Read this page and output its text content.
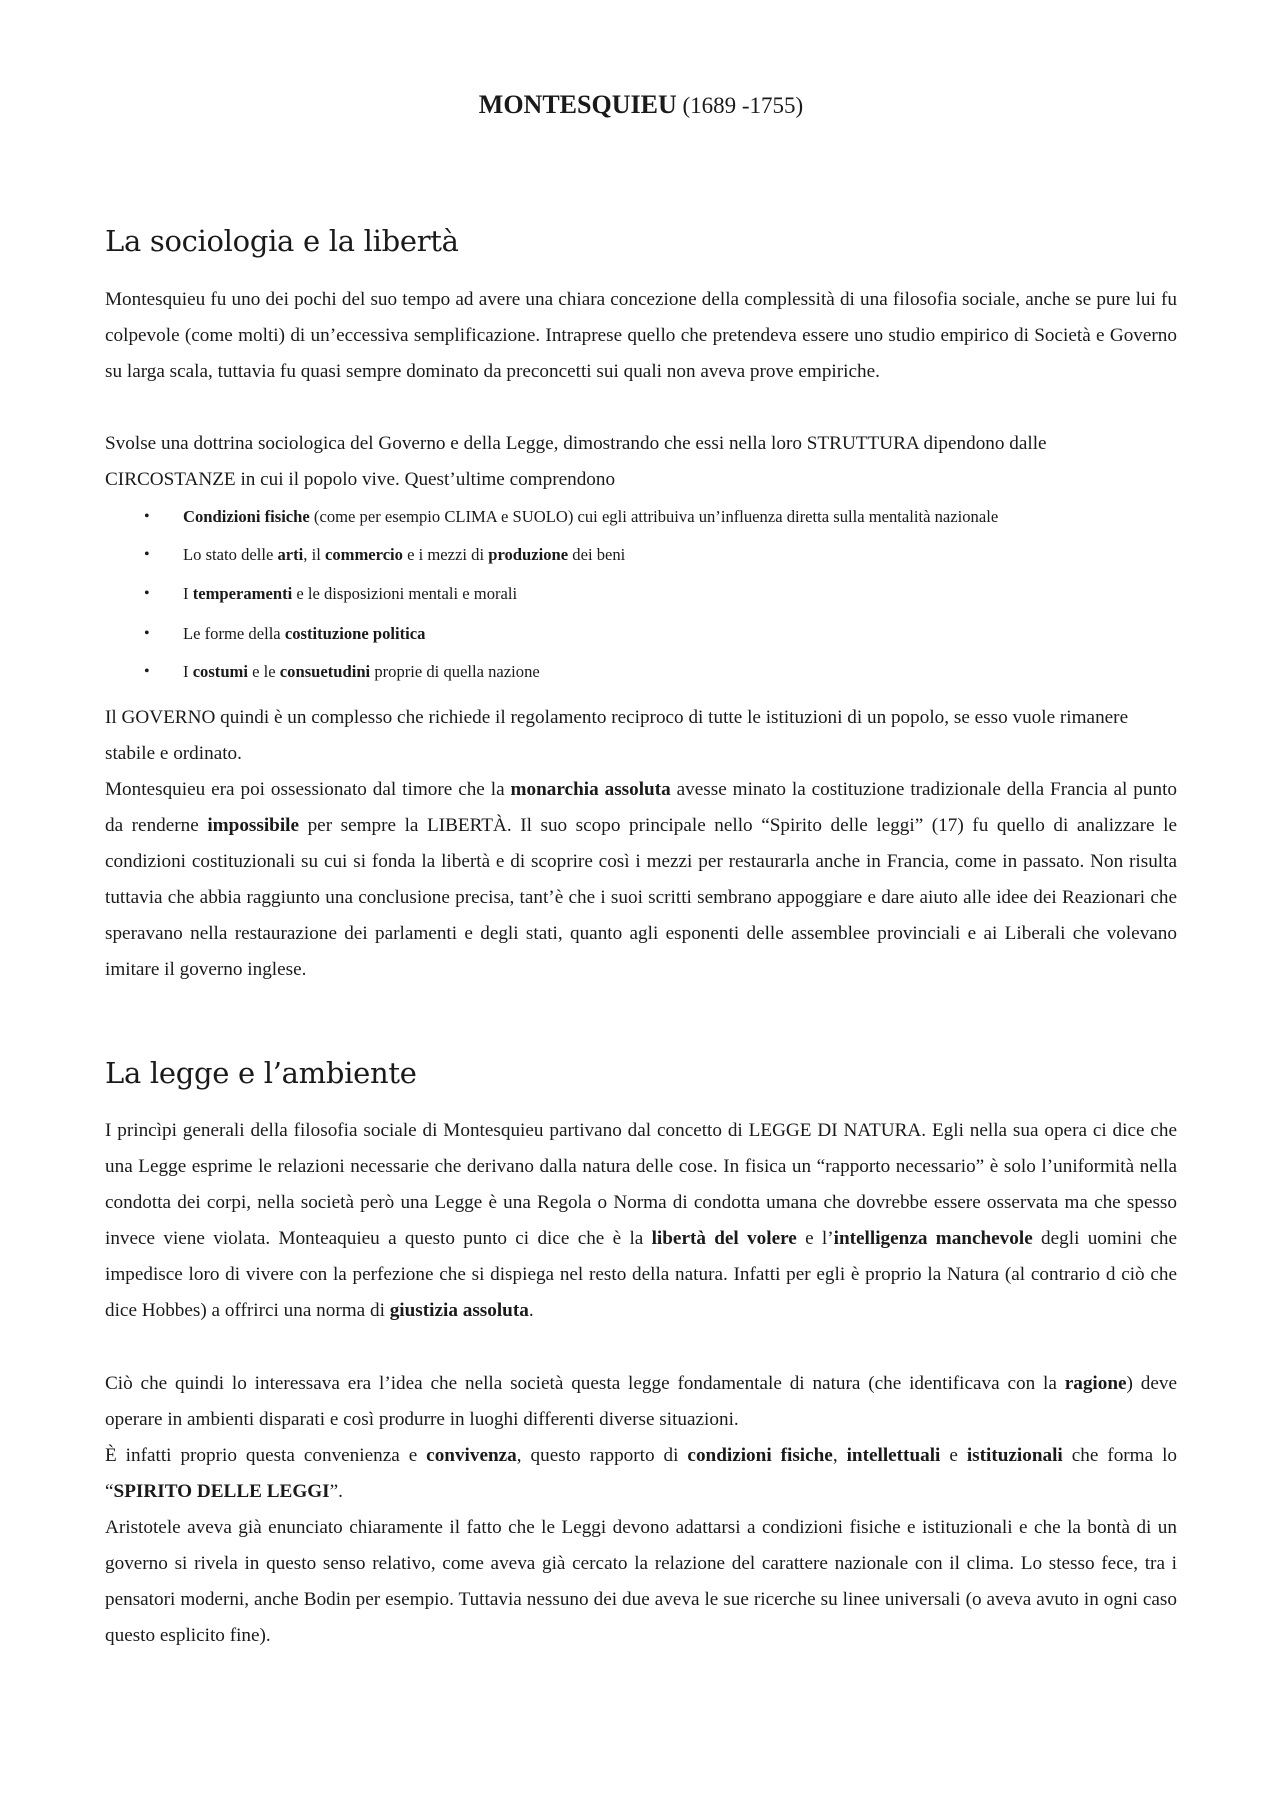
MONTESQUIEU (1689 -1755)
La sociologia e la libertà

Montesquieu fu uno dei pochi del suo tempo ad avere una chiara concezione della complessità di una filosofia sociale, anche se pure lui fu colpevole (come molti) di un’eccessiva semplificazione. Intraprese quello che pretendeva essere uno studio empirico di Società e Governo su larga scala, tuttavia fu quasi sempre dominato da preconcetti sui quali non aveva prove empiriche.

Svolse una dottrina sociologica del Governo e della Legge, dimostrando che essi nella loro STRUTTURA dipendono dalle CIRCOSTANZE in cui il popolo vive. Quest’ultime comprendono

• Condizioni fisiche (come per esempio CLIMA e SUOLO) cui egli attribuiva un’influenza diretta sulla mentalità nazionale
• Lo stato delle arti, il commercio e i mezzi di produzione dei beni
• I temperamenti e le disposizioni mentali e morali
• Le forme della costituzione politica
• I costumi e le consuetudini proprie di quella nazione

Il GOVERNO quindi è un complesso che richiede il regolamento reciproco di tutte le istituzioni di un popolo, se esso vuole rimanere stabile e ordinato.

Montesquieu era poi ossessionato dal timore che la monarchia assoluta avesse minato la costituzione tradizionale della Francia al punto da renderne impossibile per sempre la LIBERTÀ. Il suo scopo principale nello “Spirito delle leggi” (17) fu quello di analizzare le condizioni costituzionali su cui si fonda la libertà e di scoprire così i mezzi per restaurarla anche in Francia, come in passato. Non risulta tuttavia che abbia raggiunto una conclusione precisa, tant’è che i suoi scritti sembrano appoggiare e dare aiuto alle idee dei Reazionari che speravano nella restaurazione dei parlamenti e degli stati, quanto agli esponenti delle assemblee provinciali e ai Liberali che volevano imitare il governo inglese.

La legge e l’ambiente

I princìpi generali della filosofia sociale di Montesquieu partivano dal concetto di LEGGE DI NATURA. Egli nella sua opera ci dice che una Legge esprime le relazioni necessarie che derivano dalla natura delle cose. In fisica un “rapporto necessario” è solo l’uniformità nella condotta dei corpi, nella società però una Legge è una Regola o Norma di condotta umana che dovrebbe essere osservata ma che spesso invece viene violata. Monteaquieu a questo punto ci dice che è la libertà del volere e l’intelligenza manchevole degli uomini che impedisce loro di vivere con la perfezione che si dispiega nel resto della natura. Infatti per egli è proprio la Natura (al contrario d ciò che dice Hobbes) a offrirci una norma di giustizia assoluta.

Ciò che quindi lo interessava era l’idea che nella società questa legge fondamentale di natura (che identificava con la ragione) deve operare in ambienti disparati e così produrre in luoghi differenti diverse situazioni.

È infatti proprio questa convenienza e convivenza, questo rapporto di condizioni fisiche, intellettuali e istituzionali che forma lo “SPIRITO DELLE LEGGI”.

Aristotele aveva già enunciato chiaramente il fatto che le Leggi devono adattarsi a condizioni fisiche e istituzionali e che la bontà di un governo si rivela in questo senso relativo, come aveva già cercato la relazione del carattere nazionale con il clima. Lo stesso fece, tra i pensatori moderni, anche Bodin per esempio. Tuttavia nessuno dei due aveva le sue ricerche su linee universali (o aveva avuto in ogni caso questo esplicito fine).
